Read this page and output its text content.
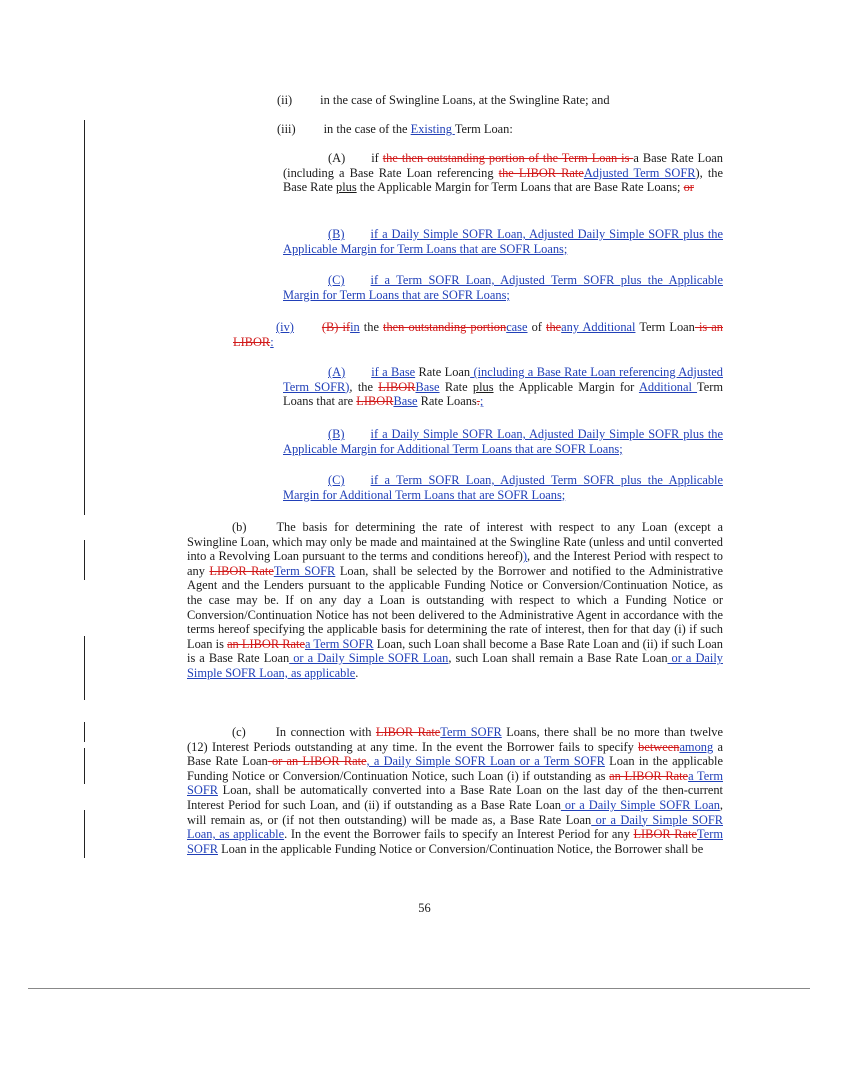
(ii) in the case of Swingline Loans, at the Swingline Rate; and

(iii) in the case of the Existing Term Loan:

(A) if the then outstanding portion of the Term Loan is a Base Rate Loan (including a Base Rate Loan referencing the LIBOR RateAdjusted Term SOFR), the Base Rate plus the Applicable Margin for Term Loans that are Base Rate Loans; or

(B) if a Daily Simple SOFR Loan, Adjusted Daily Simple SOFR plus the Applicable Margin for Term Loans that are SOFR Loans;

(C) if a Term SOFR Loan, Adjusted Term SOFR plus the Applicable Margin for Term Loans that are SOFR Loans;

(iv) (B) ifin the then outstanding portioncase of theany Additional Term Loan is an LIBOR:

(A) if a Base Rate Loan (including a Base Rate Loan referencing Adjusted Term SOFR), the LIBORBase Rate plus the Applicable Margin for Additional Term Loans that are LIBORBase Rate Loans.;

(B) if a Daily Simple SOFR Loan, Adjusted Daily Simple SOFR plus the Applicable Margin for Additional Term Loans that are SOFR Loans;

(C) if a Term SOFR Loan, Adjusted Term SOFR plus the Applicable Margin for Additional Term Loans that are SOFR Loans;

(b) The basis for determining the rate of interest with respect to any Loan (except a Swingline Loan, which may only be made and maintained at the Swingline Rate (unless and until converted into a Revolving Loan pursuant to the terms and conditions hereof)), and the Interest Period with respect to any LIBOR RateTerm SOFR Loan, shall be selected by the Borrower and notified to the Administrative Agent and the Lenders pursuant to the applicable Funding Notice or Conversion/Continuation Notice, as the case may be. If on any day a Loan is outstanding with respect to which a Funding Notice or Conversion/Continuation Notice has not been delivered to the Administrative Agent in accordance with the terms hereof specifying the applicable basis for determining the rate of interest, then for that day (i) if such Loan is an LIBOR Ratea Term SOFR Loan, such Loan shall become a Base Rate Loan and (ii) if such Loan is a Base Rate Loan or a Daily Simple SOFR Loan, such Loan shall remain a Base Rate Loan or a Daily Simple SOFR Loan, as applicable.

(c) In connection with LIBOR RateTerm SOFR Loans, there shall be no more than twelve (12) Interest Periods outstanding at any time. In the event the Borrower fails to specify betweenamong a Base Rate Loan or an LIBOR Rate, a Daily Simple SOFR Loan or a Term SOFR Loan in the applicable Funding Notice or Conversion/Continuation Notice, such Loan (i) if outstanding as an LIBOR Ratea Term SOFR Loan, shall be automatically converted into a Base Rate Loan on the last day of the then-current Interest Period for such Loan, and (ii) if outstanding as a Base Rate Loan or a Daily Simple SOFR Loan, will remain as, or (if not then outstanding) will be made as, a Base Rate Loan or a Daily Simple SOFR Loan, as applicable. In the event the Borrower fails to specify an Interest Period for any LIBOR RateTerm SOFR Loan in the applicable Funding Notice or Conversion/Continuation Notice, the Borrower shall be

56
